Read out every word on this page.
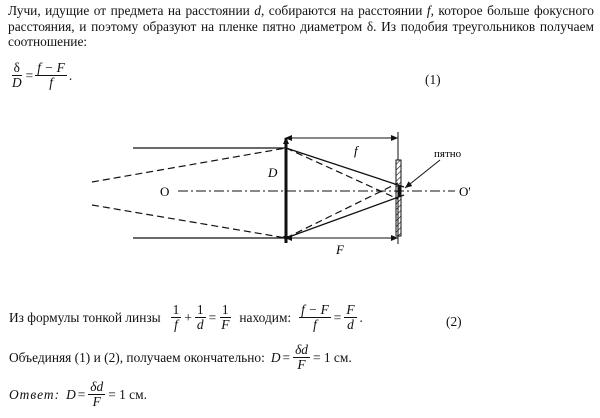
Лучи, идущие от предмета на расстоянии d, собираются на расстоянии f, которое больше фокусного расстояния, и поэтому образуют на пленке пятно диаметром δ. Из подобия треугольников получаем соотношение:
$\frac{\delta}{D} = \frac{f - F}{f}$ .	(1)
f
D
F
O	O'
пятно
Из формулы тонкой линзы $\frac{1}{f} + \frac{1}{d} = \frac{1}{F}$ находим: $\frac{f - F}{f} = \frac{F}{d}$ .	(2)
Объединяя (1) и (2), получаем окончательно: $D = \frac{\delta d}{F} = 1$ см.
Ответ: $D = \frac{\delta d}{F} = 1$ см.
